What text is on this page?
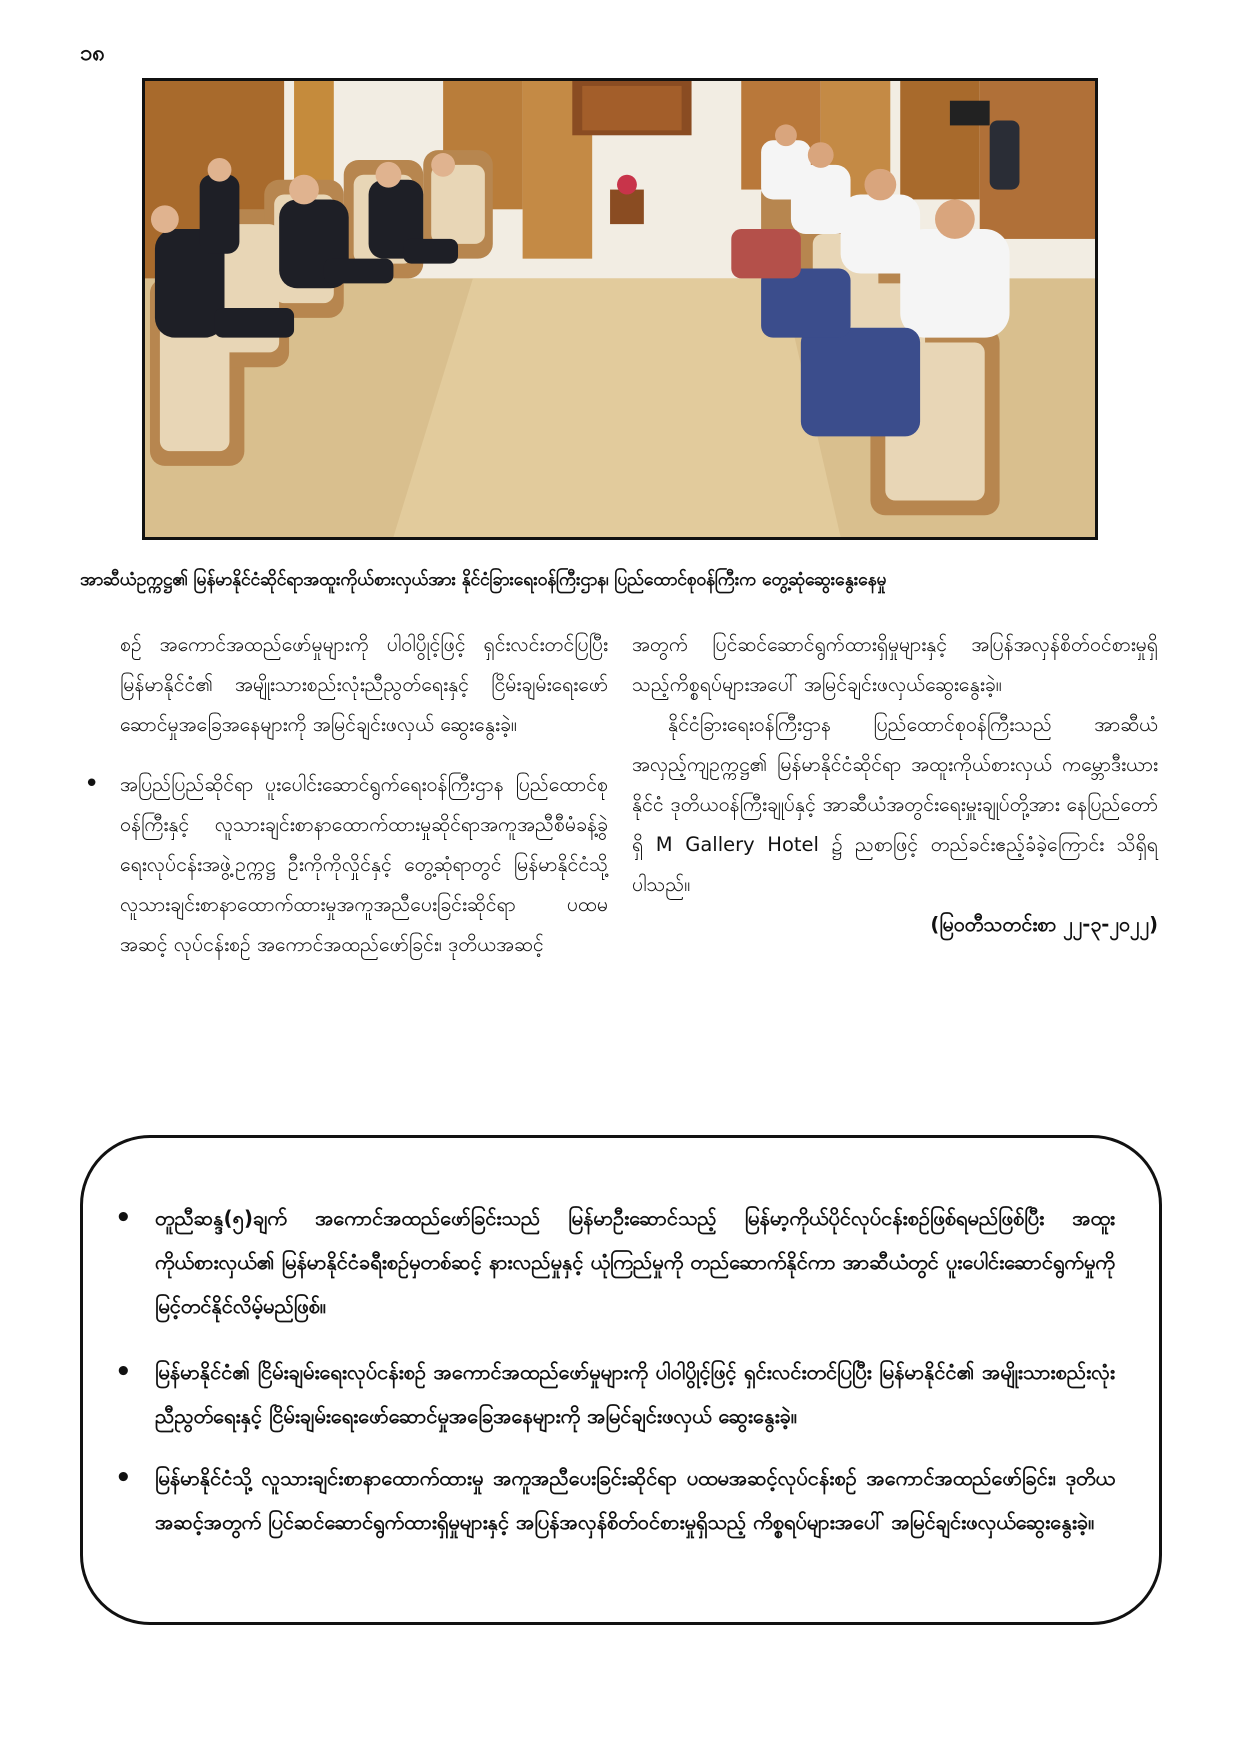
၁၈
အာဆီယံဥက္ကဋ္ဌ၏ မြန်မာနိုင်ငံဆိုင်ရာအထူးကိုယ်စားလှယ်အား နိုင်ငံခြားရေးဝန်ကြီးဌာန၊ ပြည်ထောင်စုဝန်ကြီးက တွေ့ဆုံဆွေးနွေးနေမှု

စဉ် အကောင်အထည်ဖော်မှုများကို ပါဝါပွိုင့်ဖြင့် ရှင်းလင်းတင်ပြပြီး မြန်မာနိုင်ငံ၏ အမျိုးသားစည်းလုံးညီညွတ်ရေးနှင့် ငြိမ်းချမ်းရေးဖော်ဆောင်မှုအခြေအနေများကို အမြင်ချင်းဖလှယ် ဆွေးနွေးခဲ့။

• အပြည်ပြည်ဆိုင်ရာ ပူးပေါင်းဆောင်ရွက်ရေးဝန်ကြီးဌာန ပြည်ထောင်စုဝန်ကြီးနှင့် လူသားချင်းစာနာထောက်ထားမှုဆိုင်ရာအကူအညီစီမံခန့်ခွဲရေးလုပ်ငန်းအဖွဲ့ဥက္ကဋ္ဌ ဦးကိုကိုလှိုင်နှင့် တွေ့ဆုံရာတွင် မြန်မာနိုင်ငံသို့ လူသားချင်းစာနာထောက်ထားမှုအကူအညီပေးခြင်းဆိုင်ရာ ပထမအဆင့် လုပ်ငန်းစဉ် အကောင်အထည်ဖော်ခြင်း၊ ဒုတိယအဆင့်

အတွက် ပြင်ဆင်ဆောင်ရွက်ထားရှိမှုများနှင့် အပြန်အလှန်စိတ်ဝင်စားမှုရှိသည့်ကိစ္စရပ်များအပေါ် အမြင်ချင်းဖလှယ်ဆွေးနွေးခဲ့။

နိုင်ငံခြားရေးဝန်ကြီးဌာန ပြည်ထောင်စုဝန်ကြီးသည် အာဆီယံအလှည့်ကျဥက္ကဋ္ဌ၏ မြန်မာနိုင်ငံဆိုင်ရာ အထူးကိုယ်စားလှယ် ကမ္ဘောဒီးယားနိုင်ငံ ဒုတိယဝန်ကြီးချုပ်နှင့် အာဆီယံအတွင်းရေးမှူးချုပ်တို့အား နေပြည်တော်ရှိ M Gallery Hotel ၌ ညစာဖြင့် တည်ခင်းဧည့်ခံခဲ့ကြောင်း သိရှိရပါသည်။

(မြဝတီသတင်းစာ ၂၂-၃-၂၀၂၂)

• တူညီဆန္ဒ(၅)ချက် အကောင်အထည်ဖော်ခြင်းသည် မြန်မာဦးဆောင်သည့် မြန်မာ့ကိုယ်ပိုင်လုပ်ငန်းစဉ်ဖြစ်ရမည်ဖြစ်ပြီး အထူးကိုယ်စားလှယ်၏ မြန်မာနိုင်ငံခရီးစဉ်မှတစ်ဆင့် နားလည်မှုနှင့် ယုံကြည်မှုကို တည်ဆောက်နိုင်ကာ အာဆီယံတွင် ပူးပေါင်းဆောင်ရွက်မှုကို မြင့်တင်နိုင်လိမ့်မည်ဖြစ်။
• မြန်မာနိုင်ငံ၏ ငြိမ်းချမ်းရေးလုပ်ငန်းစဉ် အကောင်အထည်ဖော်မှုများကို ပါဝါပွိုင့်ဖြင့် ရှင်းလင်းတင်ပြပြီး မြန်မာနိုင်ငံ၏ အမျိုးသားစည်းလုံးညီညွတ်ရေးနှင့် ငြိမ်းချမ်းရေးဖော်ဆောင်မှုအခြေအနေများကို အမြင်ချင်းဖလှယ် ဆွေးနွေးခဲ့။
• မြန်မာနိုင်ငံသို့ လူသားချင်းစာနာထောက်ထားမှု အကူအညီပေးခြင်းဆိုင်ရာ ပထမအဆင့်လုပ်ငန်းစဉ် အကောင်အထည်ဖော်ခြင်း၊ ဒုတိယအဆင့်အတွက် ပြင်ဆင်ဆောင်ရွက်ထားရှိမှုများနှင့် အပြန်အလှန်စိတ်ဝင်စားမှုရှိသည့် ကိစ္စရပ်များအပေါ် အမြင်ချင်းဖလှယ်ဆွေးနွေးခဲ့။
